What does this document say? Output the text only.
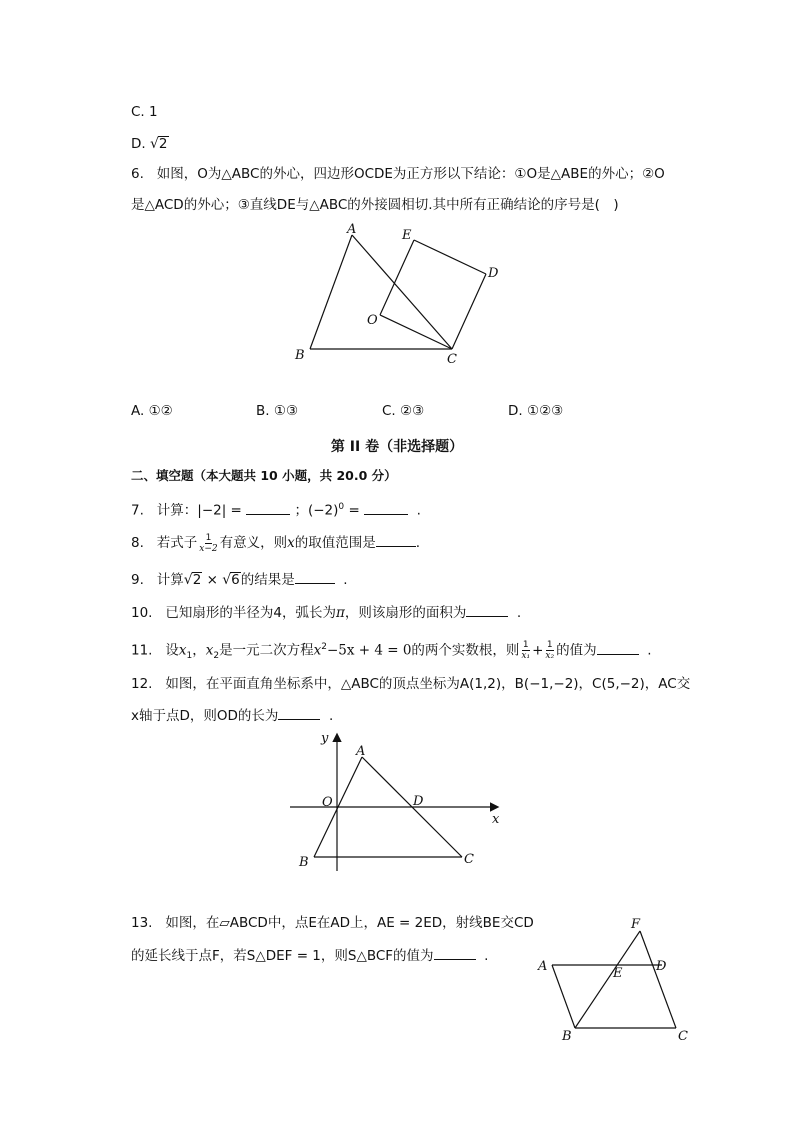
C. 1
D. √2
6. 如图，O为△ABC的外心，四边形OCDE为正方形以下结论：①O是△ABE的外心；②O
是△ACD的外心；③直线DE与△ABC的外接圆相切.其中所有正确结论的序号是(　)
A
B	C
D
E
O
A. ①②	B. ①③	C. ②③	D. ①②③
第 II 卷（非选择题）
二、填空题（本大题共 10 小题，共 20.0 分）
7. 计算：|−2| =	；$(-2)^0$ =	.
8. 若式子 $\frac{1}{x-2}$ 有意义，则x的取值范围是	.
9. 计算√2 × √6的结果是	.
10. 已知扇形的半径为4，弧长为π，则该扇形的面积为	.
11. 设$x_1$，$x_2$是一元二次方程$x^2-5x + 4 = 0$的两个实数根，则 $\frac{1}{\text{x₁}} + \frac{1}{\text{x₂}}$ 的值为	.
12. 如图，在平面直角坐标系中，△ABC的顶点坐标为A(1,2)，B(−1,−2)，C(5,−2)，AC交
x轴于点D，则OD的长为	.
y
x
O
A
B	C
D
13. 如图，在▱ABCD中，点E在AD上，AE = 2ED，射线BE交CD
的延长线于点F，若S△DEF = 1，则S△BCF的值为	.
A
B	C
D
E
F
